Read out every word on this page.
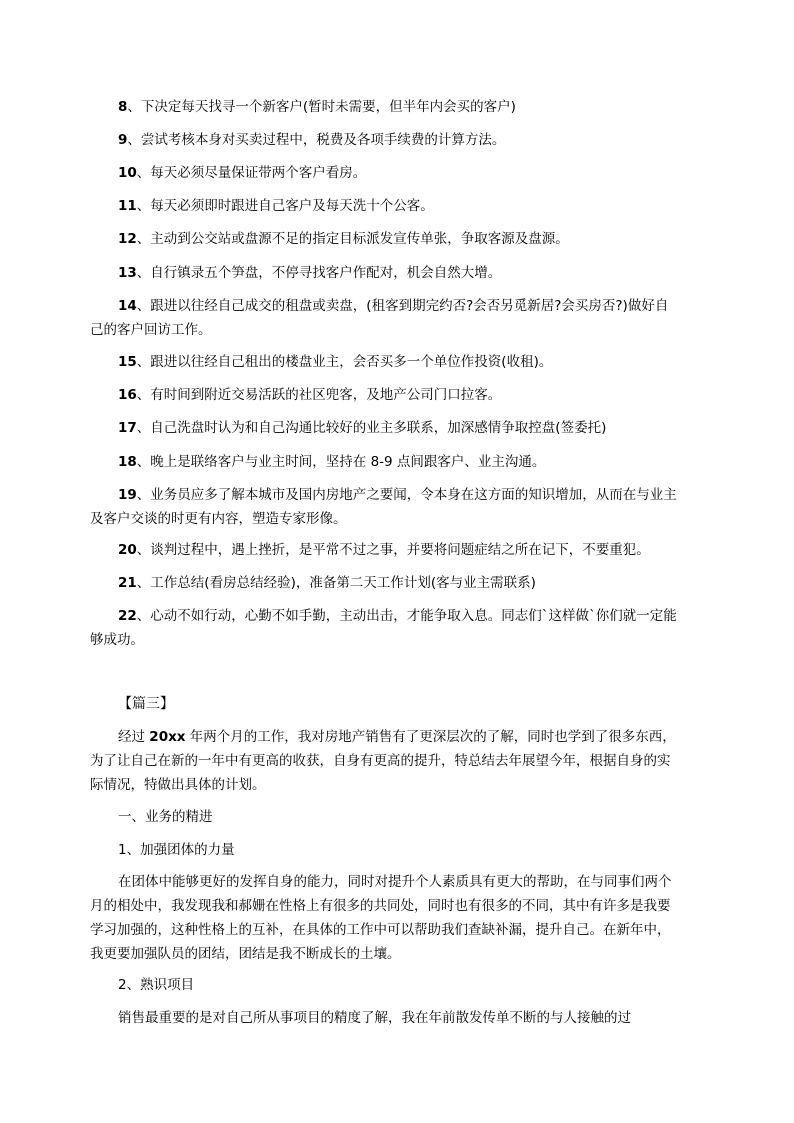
8、下决定每天找寻一个新客户(暂时未需要，但半年内会买的客户)

9、尝试考核本身对买卖过程中，税费及各项手续费的计算方法。

10、每天必须尽量保证带两个客户看房。

11、每天必须即时跟进自己客户及每天洗十个公客。

12、主动到公交站或盘源不足的指定目标派发宣传单张，争取客源及盘源。

13、自行镇录五个笋盘，不停寻找客户作配对，机会自然大增。

14、跟进以往经自己成交的租盘或卖盘，(租客到期完约否?会否另觅新居?会买房否?)做好自己的客户回访工作。

15、跟进以往经自己租出的楼盘业主，会否买多一个单位作投资(收租)。

16、有时间到附近交易活跃的社区兜客，及地产公司门口拉客。

17、自己洗盘时认为和自己沟通比较好的业主多联系，加深感情争取控盘(签委托)

18、晚上是联络客户与业主时间，坚持在 8-9 点间跟客户、业主沟通。

19、业务员应多了解本城市及国内房地产之要闻，令本身在这方面的知识增加，从而在与业主及客户交谈的时更有内容，塑造专家形像。

20、谈判过程中，遇上挫折，是平常不过之事，并要将问题症结之所在记下，不要重犯。

21、工作总结(看房总结经验)，准备第二天工作计划(客与业主需联系)

22、心动不如行动，心勤不如手勤，主动出击，才能争取入息。同志们`这样做`你们就一定能够成功。

【篇三】

经过 20xx 年两个月的工作，我对房地产销售有了更深层次的了解，同时也学到了很多东西，为了让自己在新的一年中有更高的收获，自身有更高的提升，特总结去年展望今年，根据自身的实际情况，特做出具体的计划。

一、业务的精进

1、加强团体的力量

在团体中能够更好的发挥自身的能力，同时对提升个人素质具有更大的帮助，在与同事们两个月的相处中，我发现我和郝姗在性格上有很多的共同处，同时也有很多的不同，其中有许多是我要学习加强的，这种性格上的互补，在具体的工作中可以帮助我们查缺补漏，提升自己。在新年中，我更要加强队员的团结，团结是我不断成长的土壤。

2、熟识项目

销售最重要的是对自己所从事项目的精度了解，我在年前散发传单不断的与人接触的过
